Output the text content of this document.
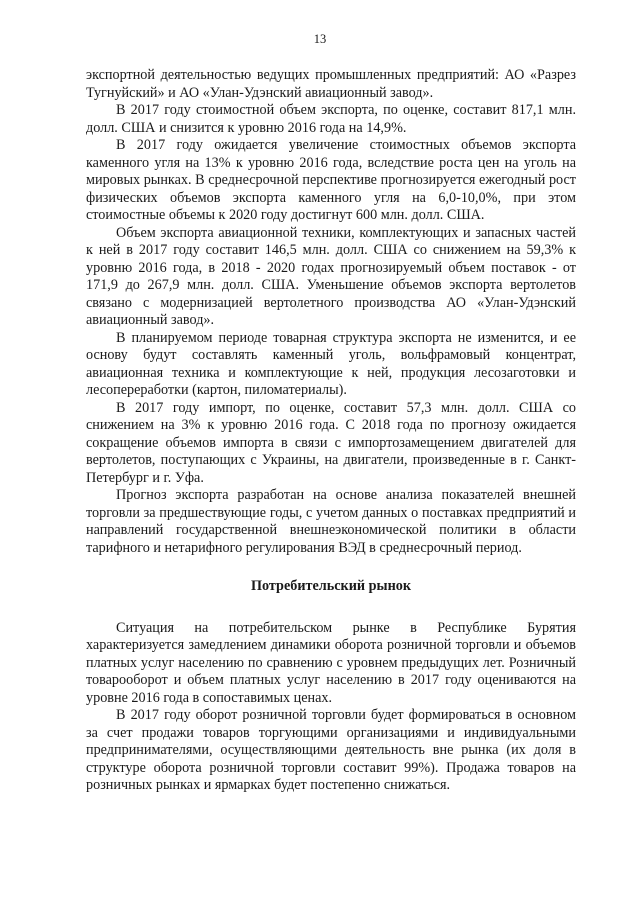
13

экспортной деятельностью ведущих промышленных предприятий: АО «Разрез Тугнуйский» и АО «Улан-Удэнский авиационный завод».

В 2017 году стоимостной объем экспорта, по оценке, составит 817,1 млн. долл. США и снизится к уровню 2016 года на 14,9%.

В 2017 году ожидается увеличение стоимостных объемов экспорта каменного угля на 13% к уровню 2016 года, вследствие роста цен на уголь на мировых рынках. В среднесрочной перспективе прогнозируется ежегодный рост физических объемов экспорта каменного угля на 6,0-10,0%, при этом стоимостные объемы к 2020 году достигнут 600 млн. долл. США.

Объем экспорта авиационной техники, комплектующих и запасных частей к ней в 2017 году составит 146,5 млн. долл. США со снижением на 59,3% к уровню 2016 года, в 2018 - 2020 годах прогнозируемый объем поставок - от 171,9 до 267,9 млн. долл. США. Уменьшение объемов экспорта вертолетов связано с модернизацией вертолетного производства АО «Улан-Удэнский авиационный завод».

В планируемом периоде товарная структура экспорта не изменится, и ее основу будут составлять каменный уголь, вольфрамовый концентрат, авиационная техника и комплектующие к ней, продукция лесозаготовки и лесопереработки (картон, пиломатериалы).

В 2017 году импорт, по оценке, составит 57,3 млн. долл. США со снижением на 3% к уровню 2016 года. С 2018 года по прогнозу ожидается сокращение объемов импорта в связи с импортозамещением двигателей для вертолетов, поступающих с Украины, на двигатели, произведенные в г. Санкт-Петербург и г. Уфа.

Прогноз экспорта разработан на основе анализа показателей внешней торговли за предшествующие годы, с учетом данных о поставках предприятий и направлений государственной внешнеэкономической политики в области тарифного и нетарифного регулирования ВЭД в среднесрочный период.

Потребительский рынок

Ситуация на потребительском рынке в Республике Бурятия характеризуется замедлением динамики оборота розничной торговли и объемов платных услуг населению по сравнению с уровнем предыдущих лет. Розничный товарооборот и объем платных услуг населению в 2017 году оцениваются на уровне 2016 года в сопоставимых ценах.

В 2017 году оборот розничной торговли будет формироваться в основном за счет продажи товаров торгующими организациями и индивидуальными предпринимателями, осуществляющими деятельность вне рынка (их доля в структуре оборота розничной торговли составит 99%). Продажа товаров на розничных рынках и ярмарках будет постепенно снижаться.
